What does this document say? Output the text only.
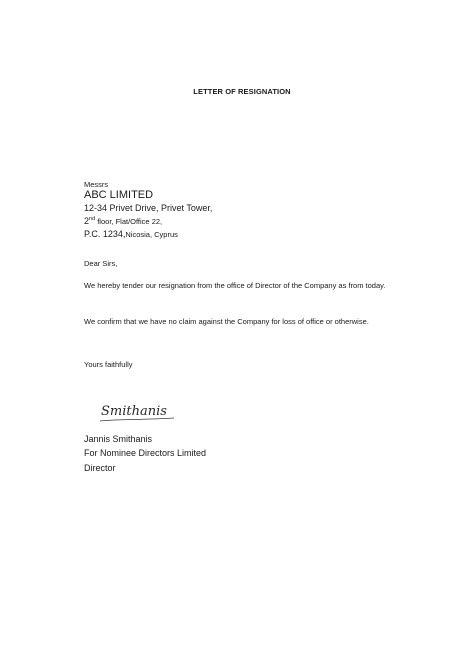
LETTER OF RESIGNATION
Messrs
ABC LIMITED
12-34 Privet Drive, Privet Tower,
2nd floor, Flat/Office 22,
P.C. 1234,Nicosia, Cyprus
Dear Sirs,
We hereby tender our resignation from the office of Director of the Company as from today.
We confirm that we have no claim against the Company for loss of office or otherwise.
Yours faithfully
Smithanis
Jannis Smithanis
For Nominee Directors Limited
Director
